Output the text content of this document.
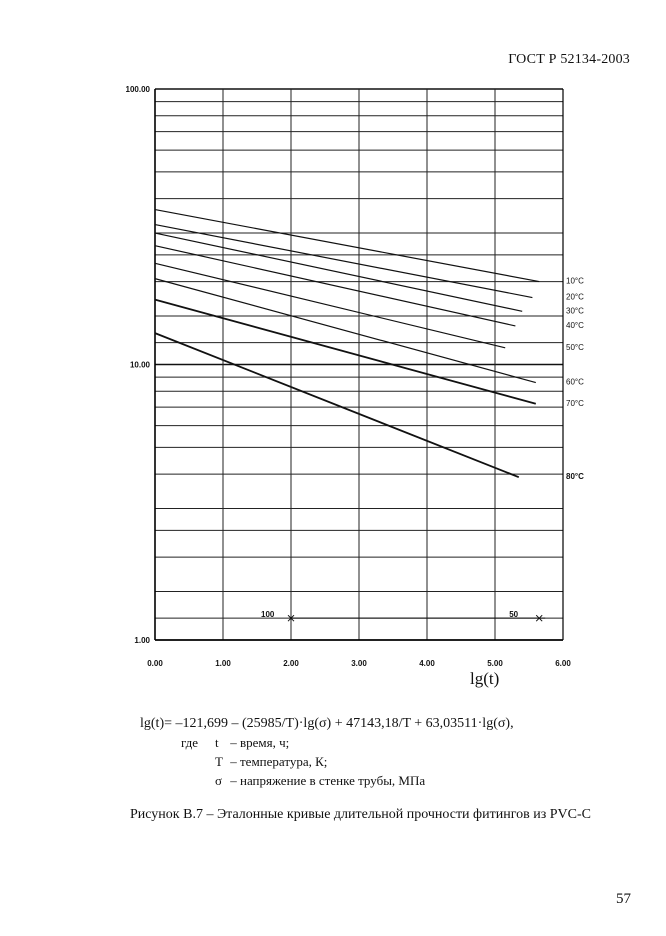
ГОСТ Р 52134-2003
100.00
10.00
1.00
0.00	1.00	2.00	3.00	4.00	5.00	6.00
10°C
20°C
30°C
40°C
50°C
60°C
70°C
80°C
100	50
lg(t)
lg(t)= –121,699 – (25985/T)·lg(σ) + 47143,18/T + 63,03511·lg(σ),
где t – время, ч;
T – температура, К;
σ – напряжение в стенке трубы, МПа
Рисунок В.7 – Эталонные кривые длительной прочности фитингов из PVC-C
57
